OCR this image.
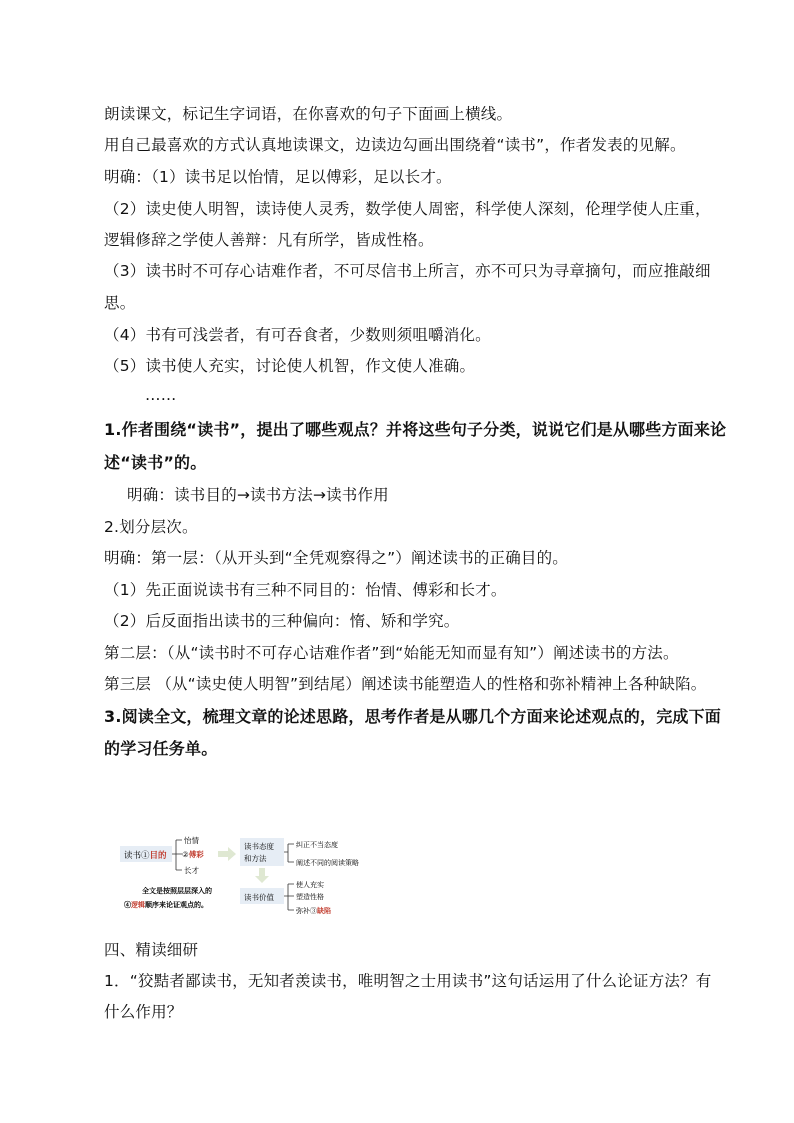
朗读课文，标记生字词语，在你喜欢的句子下面画上横线。
用自己最喜欢的方式认真地读课文，边读边勾画出围绕着“读书”，作者发表的见解。
明确：（1）读书足以怡情，足以傅彩，足以长才。
（2）读史使人明智，读诗使人灵秀，数学使人周密，科学使人深刻，伦理学使人庄重，
逻辑修辞之学使人善辩：凡有所学，皆成性格。
（3）读书时不可存心诘难作者，不可尽信书上所言，亦不可只为寻章摘句，而应推敲细
思。
（4）书有可浅尝者，有可吞食者，少数则须咀嚼消化。
（5）读书使人充实，讨论使人机智，作文使人准确。
……
1.作者围绕“读书”，提出了哪些观点？并将这些句子分类，说说它们是从哪些方面来论
述“读书”的。
明确：读书目的→读书方法→读书作用
2.划分层次。
明确：第一层：（从开头到“全凭观察得之”）阐述读书的正确目的。
（1）先正面说读书有三种不同目的：怡情、傅彩和长才。
（2）后反面指出读书的三种偏向：惰、矫和学究。
第二层：（从“读书时不可存心诘难作者”到“始能无知而显有知”）阐述读书的方法。
第三层 （从“读史使人明智”到结尾）阐述读书能塑造人的性格和弥补精神上各种缺陷。
3.阅读全文，梳理文章的论述思路，思考作者是从哪几个方面来论述观点的，完成下面
的学习任务单。
读书①目的
怡情
②傅彩
长才
读书态度
和方法
纠正不当态度
阐述不同的阅读策略
读书价值
使人充实
塑造性格
弥补③缺陷
全文是按照层层深入的
④逻辑顺序来论证观点的。
四、精读细研
1．“狡黠者鄙读书，无知者羡读书，唯明智之士用读书”这句话运用了什么论证方法？有
什么作用？
